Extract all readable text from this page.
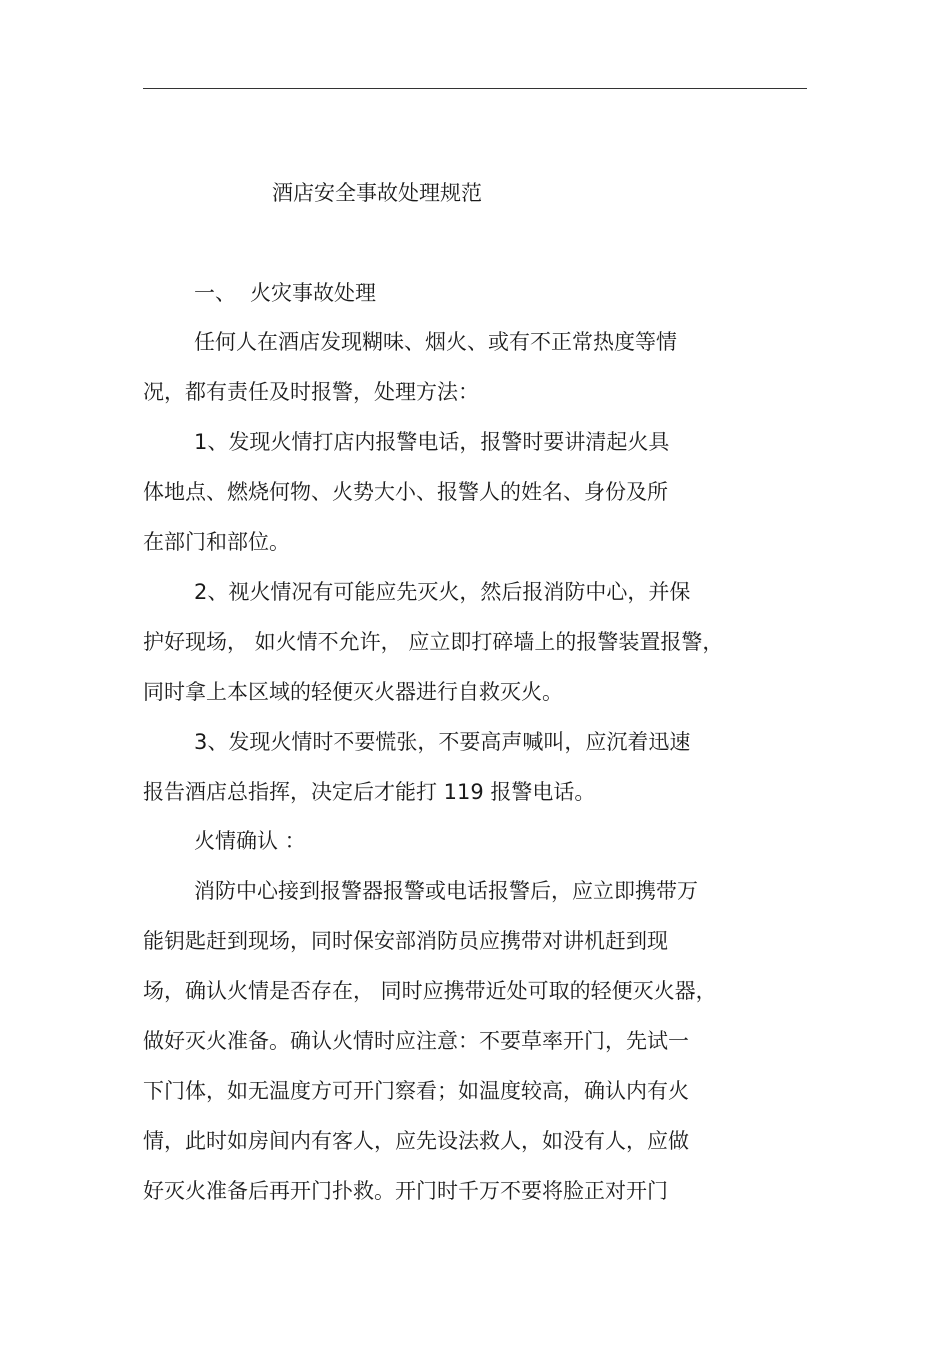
酒店安全事故处理规范
一、 火灾事故处理
任何人在酒店发现糊味、烟火、或有不正常热度等情
况，都有责任及时报警，处理方法：
1、发现火情打店内报警电话，报警时要讲清起火具
体地点、燃烧何物、火势大小、报警人的姓名、身份及所
在部门和部位。
2、视火情况有可能应先灭火，然后报消防中心，并保
护好现场， 如火情不允许， 应立即打碎墙上的报警装置报警，
同时拿上本区域的轻便灭火器进行自救灭火。
3、发现火情时不要慌张，不要高声喊叫，应沉着迅速
报告酒店总指挥，决定后才能打 119 报警电话。
火情确认 ：
消防中心接到报警器报警或电话报警后，应立即携带万
能钥匙赶到现场，同时保安部消防员应携带对讲机赶到现
场，确认火情是否存在， 同时应携带近处可取的轻便灭火器，
做好灭火准备。确认火情时应注意：不要草率开门，先试一
下门体，如无温度方可开门察看；如温度较高，确认内有火
情，此时如房间内有客人，应先设法救人，如没有人，应做
好灭火准备后再开门扑救。开门时千万不要将脸正对开门
